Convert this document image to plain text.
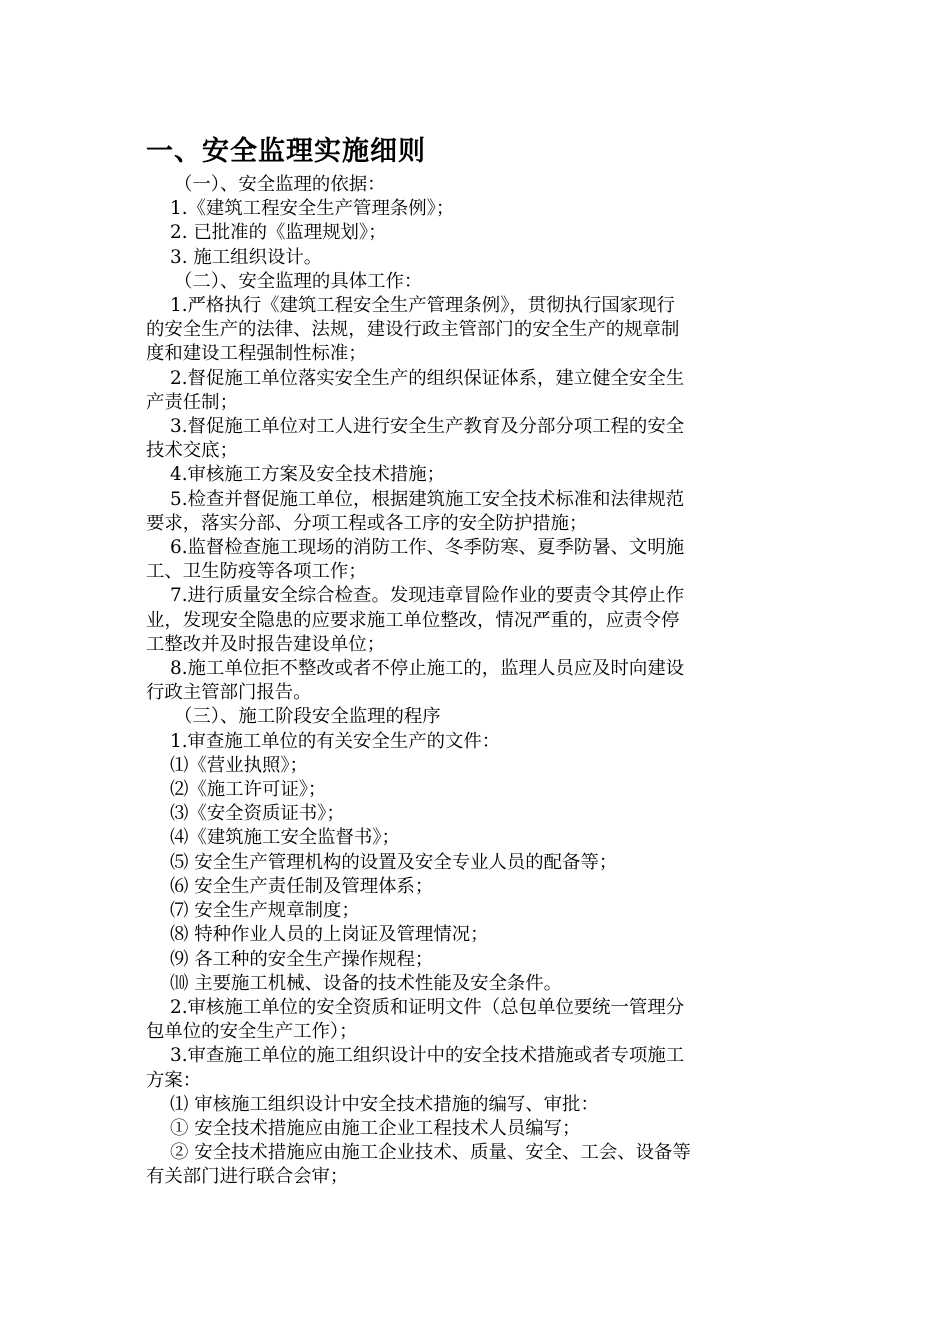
一、安全监理实施细则

（一）、安全监理的依据：

1.《建筑工程安全生产管理条例》；

2. 已批准的《监理规划》；

3. 施工组织设计。

（二）、安全监理的具体工作：

1.严格执行《建筑工程安全生产管理条例》，贯彻执行国家现行

的安全生产的法律、法规，建设行政主管部门的安全生产的规章制

度和建设工程强制性标准；

2.督促施工单位落实安全生产的组织保证体系，建立健全安全生

产责任制；

3.督促施工单位对工人进行安全生产教育及分部分项工程的安全

技术交底；

4.审核施工方案及安全技术措施；

5.检查并督促施工单位，根据建筑施工安全技术标准和法律规范

要求，落实分部、分项工程或各工序的安全防护措施；

6.监督检查施工现场的消防工作、冬季防寒、夏季防暑、文明施

工、卫生防疫等各项工作；

7.进行质量安全综合检查。发现违章冒险作业的要责令其停止作

业，发现安全隐患的应要求施工单位整改，情况严重的，应责令停

工整改并及时报告建设单位；

8.施工单位拒不整改或者不停止施工的，监理人员应及时向建设

行政主管部门报告。

（三）、施工阶段安全监理的程序

1.审查施工单位的有关安全生产的文件：

⑴《营业执照》；

⑵《施工许可证》；

⑶《安全资质证书》；

⑷《建筑施工安全监督书》；

⑸ 安全生产管理机构的设置及安全专业人员的配备等；

⑹ 安全生产责任制及管理体系；

⑺ 安全生产规章制度；

⑻ 特种作业人员的上岗证及管理情况；

⑼ 各工种的安全生产操作规程；

⑽ 主要施工机械、设备的技术性能及安全条件。

2.审核施工单位的安全资质和证明文件（总包单位要统一管理分

包单位的安全生产工作）；

3.审查施工单位的施工组织设计中的安全技术措施或者专项施工

方案：

⑴ 审核施工组织设计中安全技术措施的编写、审批：

① 安全技术措施应由施工企业工程技术人员编写；

② 安全技术措施应由施工企业技术、质量、安全、工会、设备等

有关部门进行联合会审；
